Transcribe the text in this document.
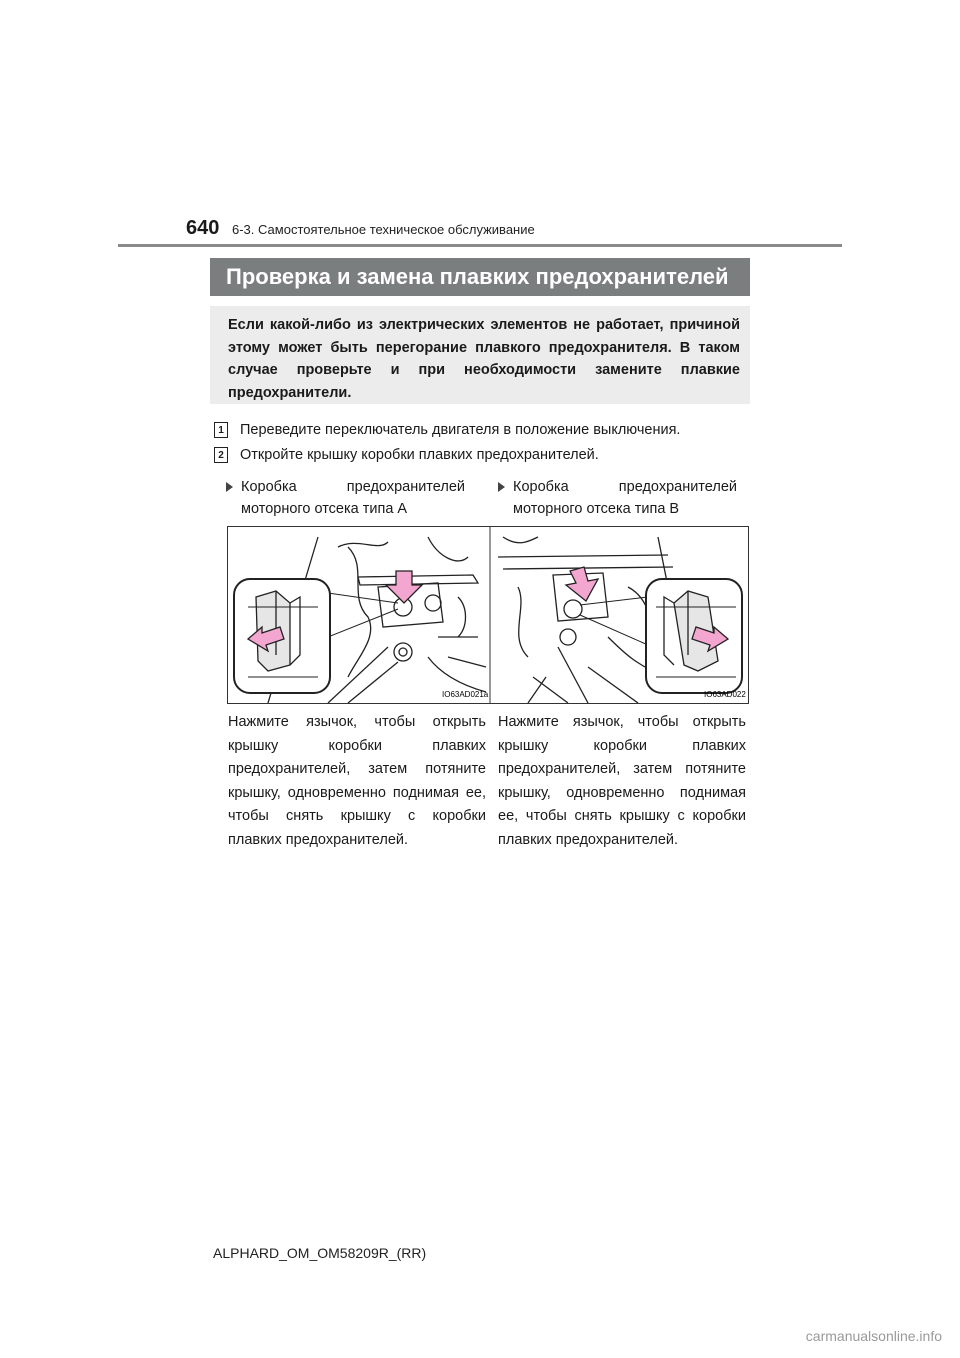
640 6-3. Самостоятельное техническое обслуживание
Проверка и замена плавких предохранителей
Если какой-либо из электрических элементов не работает, причиной этому может быть перегорание плавкого предохранителя. В таком случае проверьте и при необходимости замените плавкие предохранители.
1 Переведите переключатель двигателя в положение выключения.
2 Откройте крышку коробки плавких предохранителей.
Коробка предохранителей моторного отсека типа A
Коробка предохранителей моторного отсека типа B
IO63AD021a	IO63AD022
Нажмите язычок, чтобы открыть крышку коробки плавких предохранителей, затем потяните крышку, одновременно поднимая ее, чтобы снять крышку с коробки плавких предохранителей.
Нажмите язычок, чтобы открыть крышку коробки плавких предохранителей, затем потяните крышку, одновременно поднимая ее, чтобы снять крышку с коробки плавких предохранителей.
ALPHARD_OM_OM58209R_(RR)
carmanualsonline.info
